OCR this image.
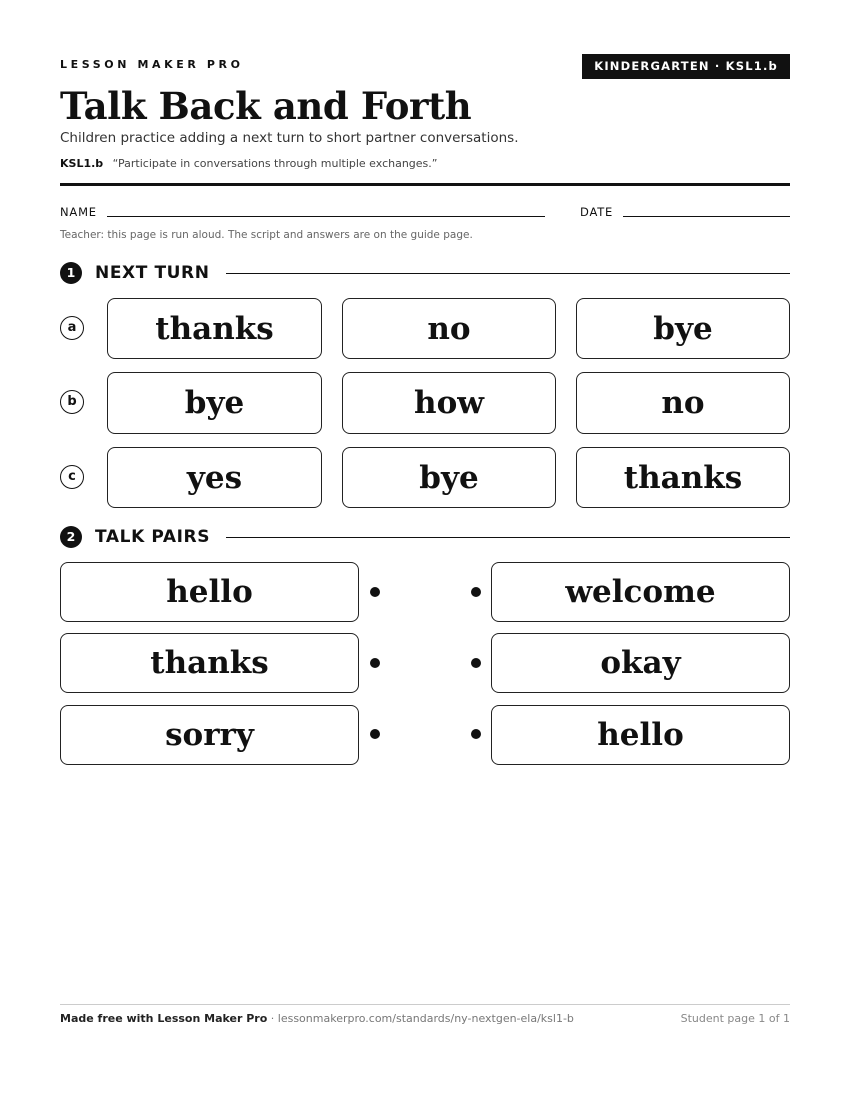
LESSON MAKER PRO	KINDERGARTEN · KSL1.b
Talk Back and Forth
Children practice adding a next turn to short partner conversations.
KSL1.b “Participate in conversations through multiple exchanges.”
NAME	DATE
Teacher: this page is run aloud. The script and answers are on the guide page.
1	NEXT TURN
a	thanks	no	bye
b	bye	how	no
c	yes	bye	thanks
2	TALK PAIRS
hello	welcome
thanks	okay
sorry	hello
Made free with Lesson Maker Pro · lessonmakerpro.com/standards/ny-nextgen-ela/ksl1-b	Student page 1 of 1
